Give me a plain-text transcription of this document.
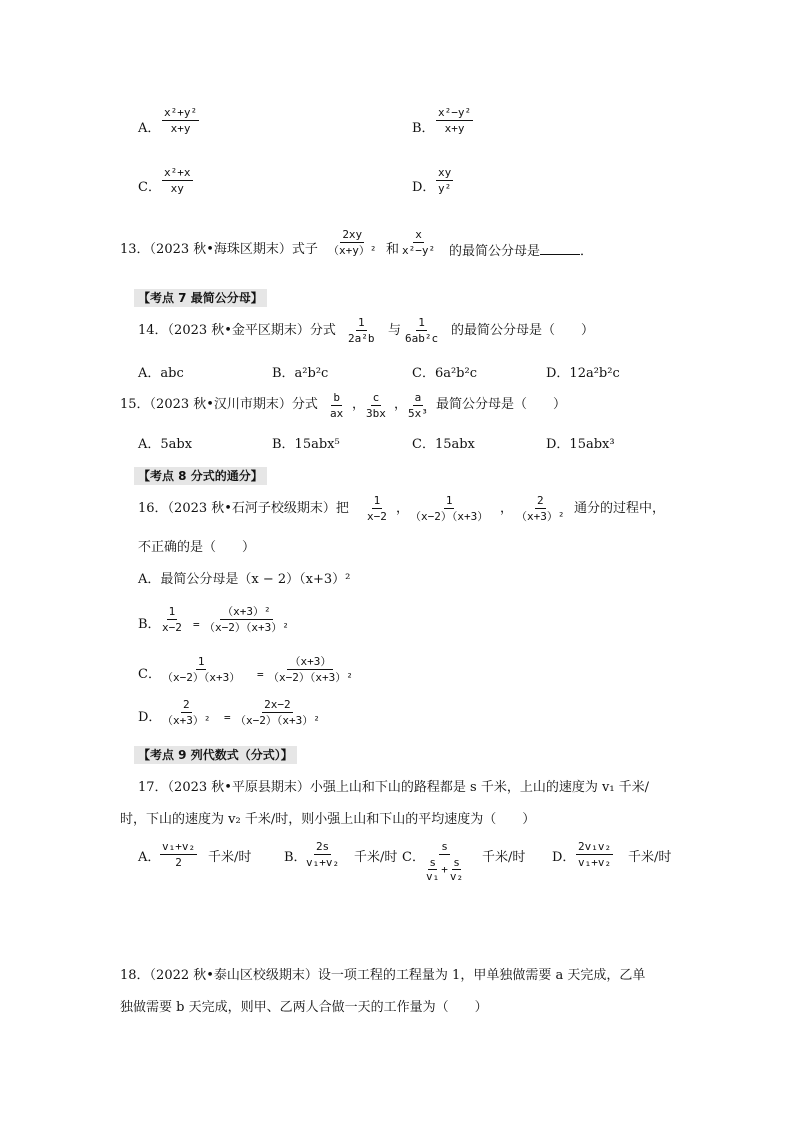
A． $\frac{\text{x²+y²}}{x+y}$	B． $\frac{\text{x²−y²}}{x+y}$
C． $\frac{\text{x²+x}}{xy}$	D． $\frac{xy}{\text{y²}}$
13．（2023 秋•海珠区期末）式子 $\frac{2xy}{\text{（x+y）²}}$ 和 $\frac{x}{\text{x²−y²}}$ 的最简公分母是	．
【考点 7 最简公分母】
14．（2023 秋•金平区期末）分式 $\frac{1}{\text{2a²b}}$ 与 $\frac{1}{\text{6ab²c}}$ 的最简公分母是（　　）
A．abc	B．a²b²c	C．6a²b²c	D．12a²b²c
15．（2023 秋•汉川市期末）分式 $\frac{b}{ax}$ ，
$\frac{c}{3bx}$ ，
$\frac{a}{\text{5x³}}$ 最简公分母是（　　）
A．5abx	B．15abx⁵	C．15abx	D．15abx³
【考点 8 分式的通分】
16．（2023 秋•石河子校级期末）把 $\frac{1}{x-2}$ ，
$\frac{1}{(x-2)(x+3)}$ ， $\frac{2}{\text{（x+3）²}}$ 通分的过程中，
不正确的是（　　）
A．最简公分母是（x − 2）（x+3）²
B． $\frac{1}{x-2} = \frac{\text{（x+3）²}}{\text{（x−2）（x+3）²}}$
C． $\frac{1}{(x-2)(x+3)} = \frac{(x+3)}{\text{（x−2）（x+3）²}}$
D．
$\frac{2}{\text{（x+3）²}} = \frac{2x-2}{\text{（x−2）（x+3）²}}$
【考点 9 列代数式（分式）】
17．（2023 秋•平原县期末）小强上山和下山的路程都是 s 千米，上山的速度为 v₁ 千米/
时，下山的速度为 v₂ 千米/时，则小强上山和下山的平均速度为（　　）
A． $\frac{\text{v₁+v₂}}{2}$ 千米/时	B．
$\frac{2s}{\text{v₁+v₂}}$ 千米/时 C． $\frac{s}{\frac{s}{\text{v₁}} + \frac{s}{\text{v₂}}}$ 千米/时 D． $\frac{\text{2v₁v₂}}{\text{v₁+v₂}}$ 千米/时
18．（2022 秋•泰山区校级期末）设一项工程的工程量为 1，甲单独做需要 a 天完成，乙单
独做需要 b 天完成，则甲、乙两人合做一天的工作量为（　　）
